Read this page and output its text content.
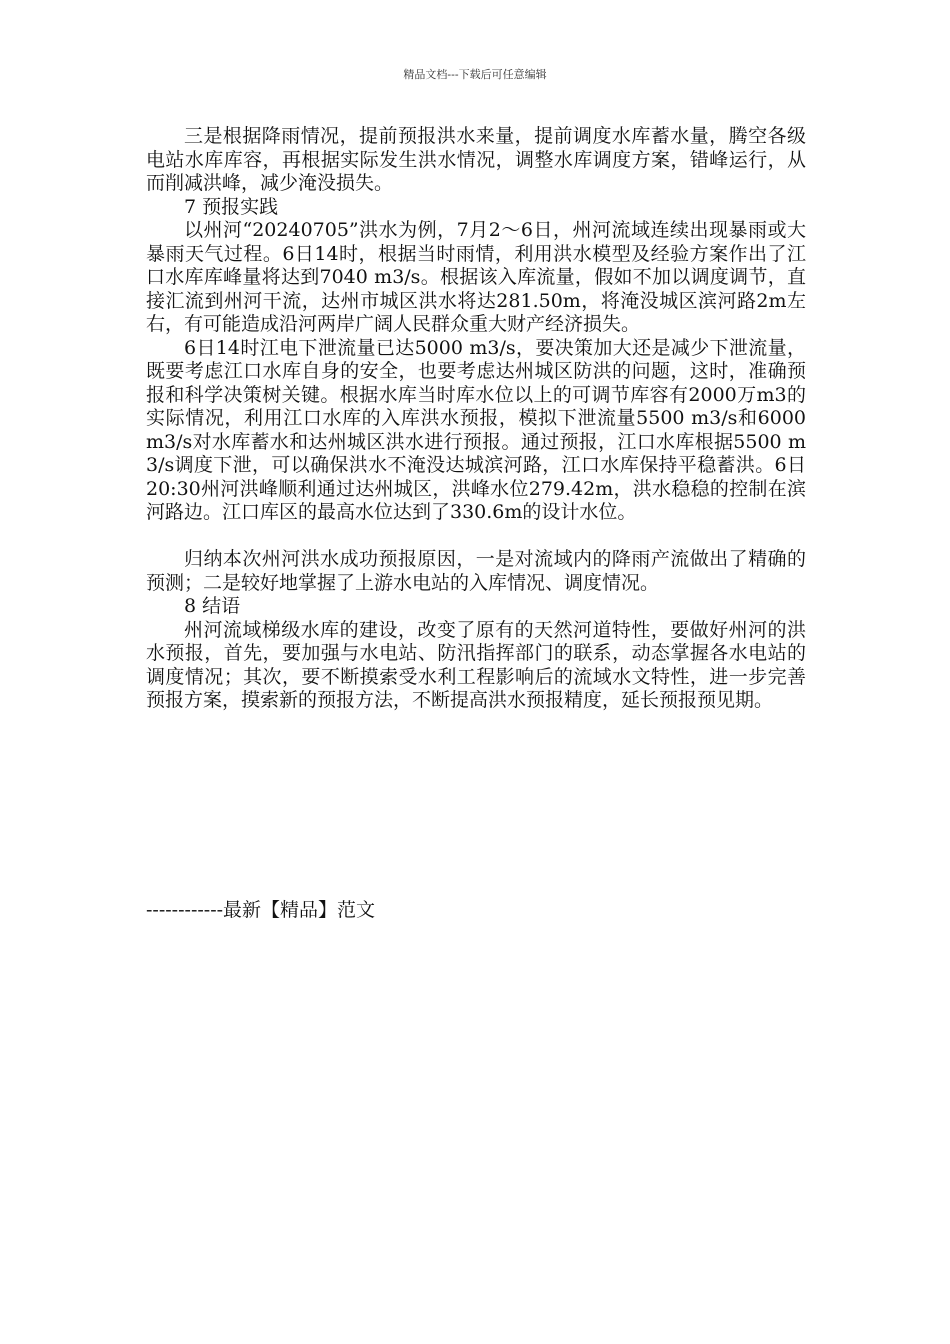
精品文档---下载后可任意编辑

三是根据降雨情况，提前预报洪水来量，提前调度水库蓄水量，腾空各级电站水库库容，再根据实际发生洪水情况，调整水库调度方案，错峰运行，从而削减洪峰，减少淹没损失。

7 预报实践

以州河“20240705”洪水为例，7月2～6日，州河流域连续出现暴雨或大暴雨天气过程。6日14时，根据当时雨情，利用洪水模型及经验方案作出了江口水库库峰量将达到7040 m3/s。根据该入库流量，假如不加以调度调节，直接汇流到州河干流，达州市城区洪水将达281.50m，将淹没城区滨河路2m左右，有可能造成沿河两岸广阔人民群众重大财产经济损失。

6日14时江电下泄流量已达5000 m3/s，要决策加大还是减少下泄流量，既要考虑江口水库自身的安全，也要考虑达州城区防洪的问题，这时，准确预报和科学决策树关键。根据水库当时库水位以上的可调节库容有2000万m3的实际情况，利用江口水库的入库洪水预报，模拟下泄流量5500 m3/s和6000 m3/s对水库蓄水和达州城区洪水进行预报。通过预报，江口水库根据5500 m3/s调度下泄，可以确保洪水不淹没达城滨河路，江口水库保持平稳蓄洪。6日20:30州河洪峰顺利通过达州城区，洪峰水位279.42m，洪水稳稳的控制在滨河路边。江口库区的最高水位达到了330.6m的设计水位。

归纳本次州河洪水成功预报原因，一是对流域内的降雨产流做出了精确的预测；二是较好地掌握了上游水电站的入库情况、调度情况。

8 结语

州河流域梯级水库的建设，改变了原有的天然河道特性，要做好州河的洪水预报，首先，要加强与水电站、防汛指挥部门的联系，动态掌握各水电站的调度情况；其次，要不断摸索受水利工程影响后的流域水文特性，进一步完善预报方案，摸索新的预报方法，不断提高洪水预报精度，延长预报预见期。

------------最新【精品】范文
